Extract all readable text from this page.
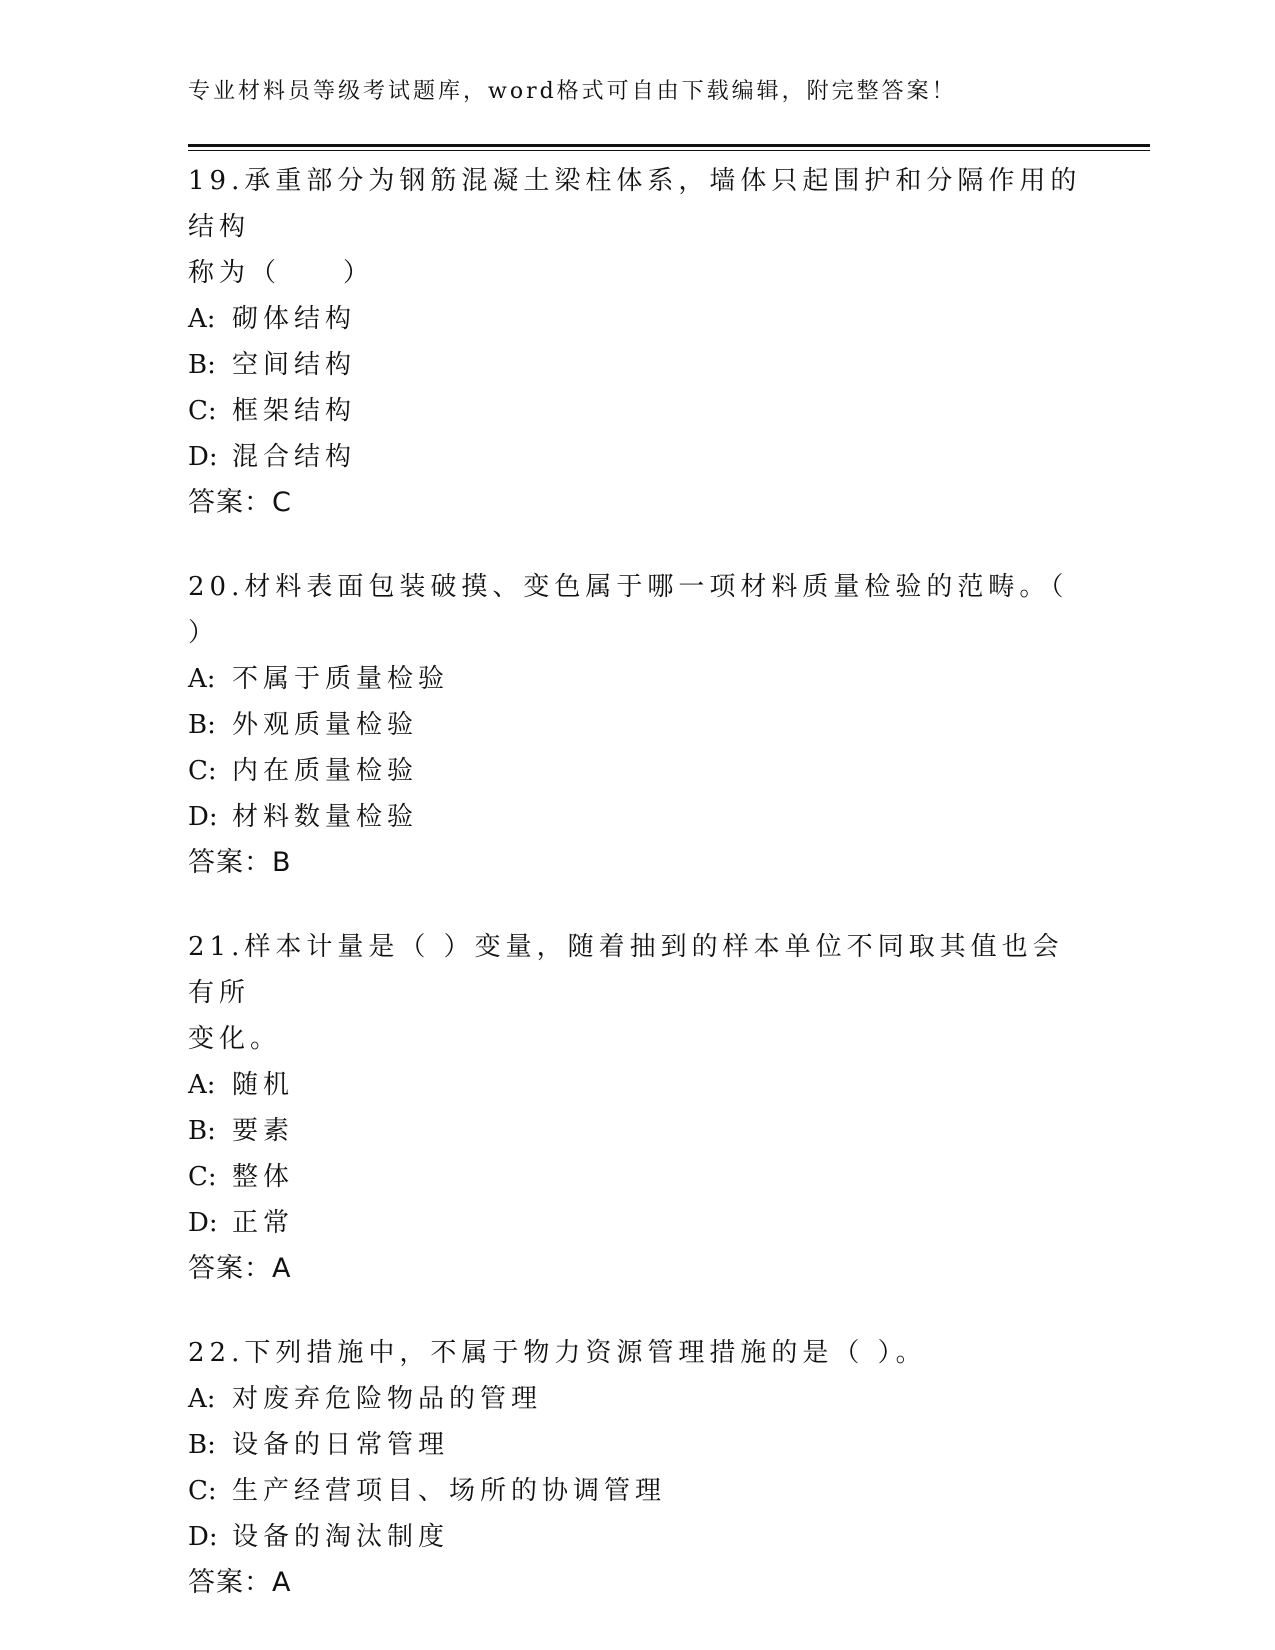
专业材料员等级考试题库，word格式可自由下载编辑，附完整答案！
19.承重部分为钢筋混凝土梁柱体系，墙体只起围护和分隔作用的结构
称为（　　）
A: 砌体结构
B: 空间结构
C: 框架结构
D: 混合结构
答案：C
20.材料表面包装破摸、变色属于哪一项材料质量检验的范畴。（ ）
A: 不属于质量检验
B: 外观质量检验
C: 内在质量检验
D: 材料数量检验
答案：B
21.样本计量是（ ）变量，随着抽到的样本单位不同取其值也会有所
变化。
A: 随机
B: 要素
C: 整体
D: 正常
答案：A
22.下列措施中，不属于物力资源管理措施的是（ ）。
A: 对废弃危险物品的管理
B: 设备的日常管理
C: 生产经营项目、场所的协调管理
D: 设备的淘汰制度
答案：A
